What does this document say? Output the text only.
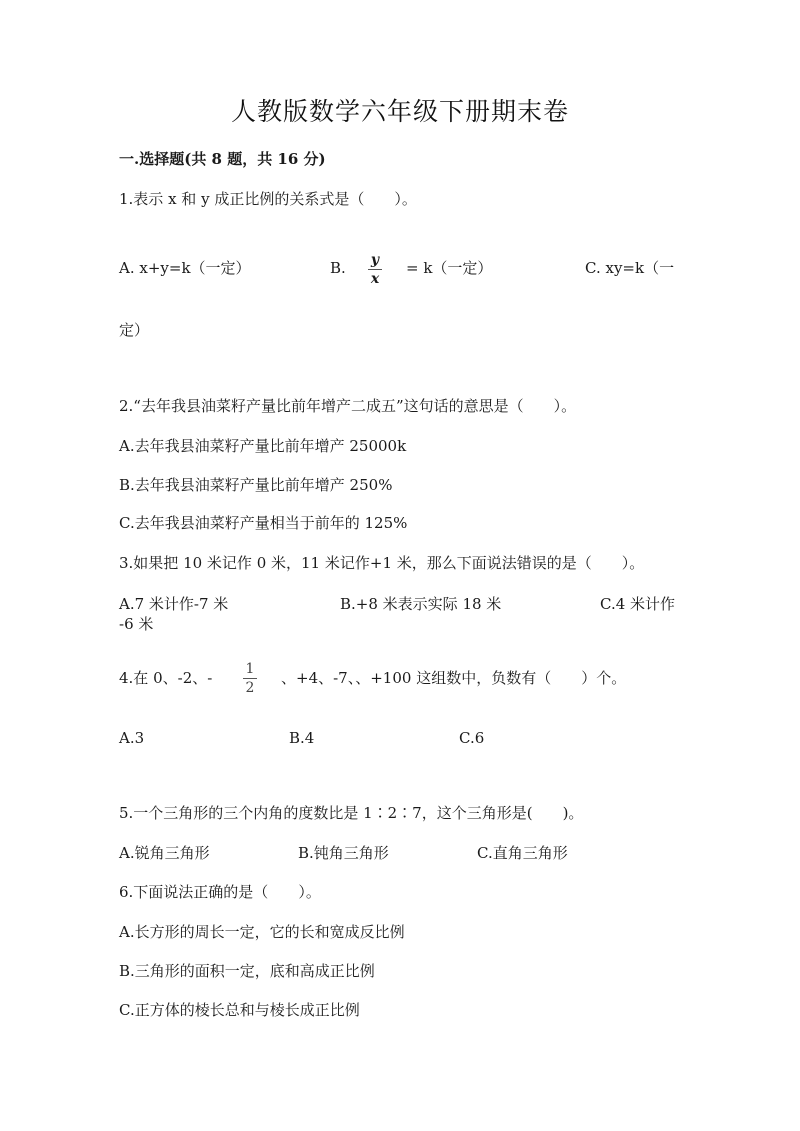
人教版数学六年级下册期末卷
一.选择题(共 8 题，共 16 分)
1.表示 x 和 y 成正比例的关系式是（　　）。
A. x+y=k（一定）	B. y
x
= k（一定）	C. xy=k（一
定）
2.“去年我县油菜籽产量比前年增产二成五”这句话的意思是（　　）。
A.去年我县油菜籽产量比前年增产 25000k
B.去年我县油菜籽产量比前年增产 250%
C.去年我县油菜籽产量相当于前年的 125%
3.如果把 10 米记作 0 米，11 米记作+1 米，那么下面说法错误的是（　　）。
A.7 米计作-7 米	B.+8 米表示实际 18 米	C.4 米计作
-6 米
4.在 0、-2、- 1
2
、+4、-7、、+100 这组数中，负数有（　　）个。
A.3	B.4	C.6
5.一个三角形的三个内角的度数比是 1∶2∶7，这个三角形是(　　)。
A.锐角三角形	B.钝角三角形	C.直角三角形
6.下面说法正确的是（　　）。
A.长方形的周长一定，它的长和宽成反比例
B.三角形的面积一定，底和高成正比例
C.正方体的棱长总和与棱长成正比例
